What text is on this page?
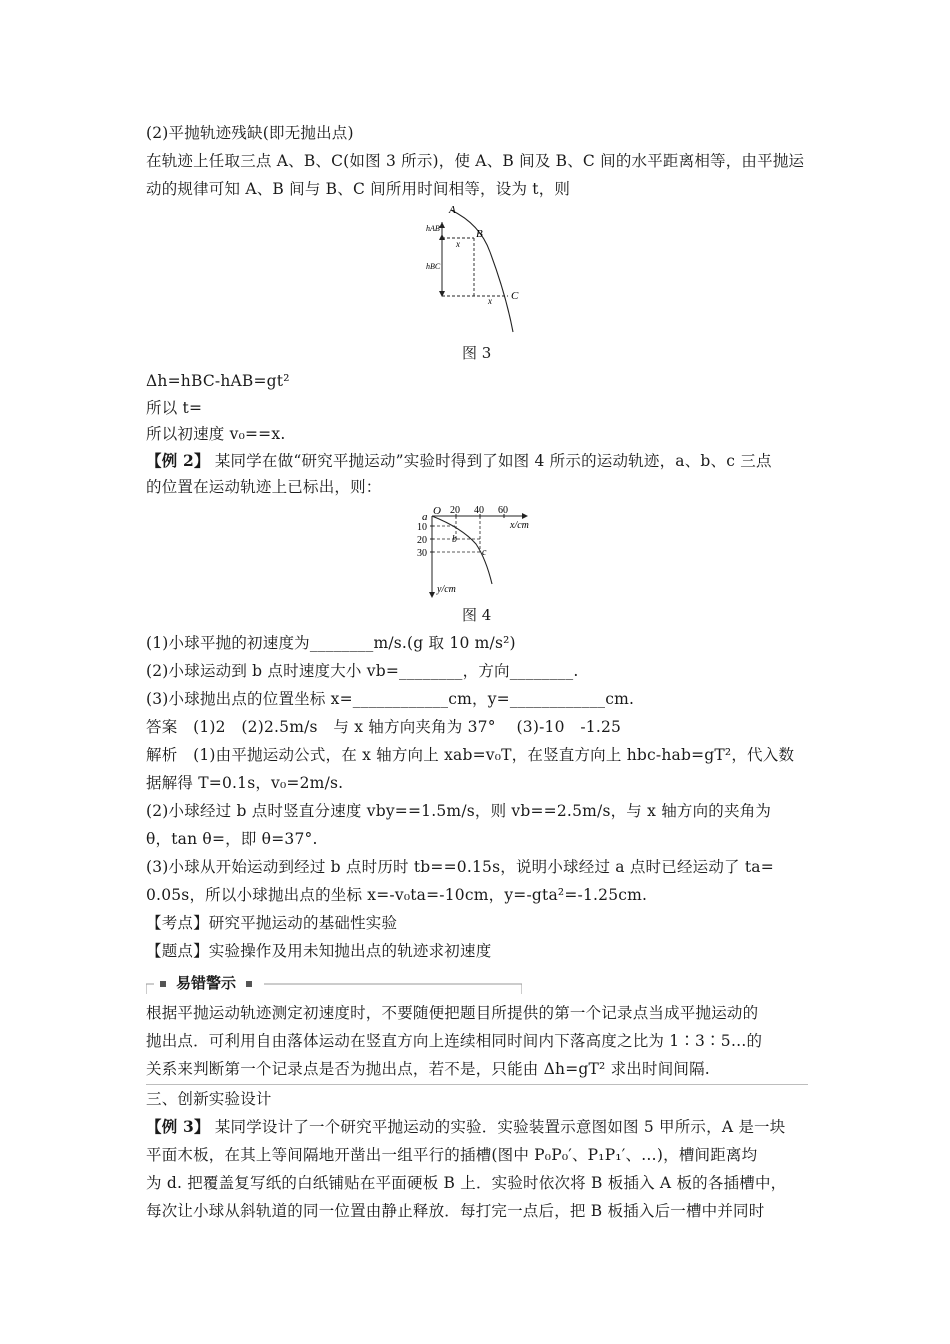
(2)平抛轨迹残缺(即无抛出点)
在轨迹上任取三点 A、B、C(如图 3 所示)，使 A、B 间及 B、C 间的水平距离相等，由平抛运
动的规律可知 A、B 间与 B、C 间所用时间相等，设为 t，则
A
B
C
hAB
hBC
x
x
图 3
Δh=hBC-hAB=gt²
所以 t=
所以初速度 v₀==x.
【例 2】 某同学在做“研究平抛运动”实验时得到了如图 4 所示的运动轨迹，a、b、c 三点
的位置在运动轨迹上已标出，则：
a O 20 40 60
x/cm
10
20
30
b
c
y/cm
图 4
(1)小球平抛的初速度为________m/s.(g 取 10 m/s²)
(2)小球运动到 b 点时速度大小 vb=________，方向________.
(3)小球抛出点的位置坐标 x=____________cm，y=____________cm.
答案　(1)2　(2)2.5m/s　与 x 轴方向夹角为 37°　 (3)-10　-1.25
解析　(1)由平抛运动公式，在 x 轴方向上 xab=v₀T，在竖直方向上 hbc-hab=gT²，代入数
据解得 T=0.1s，v₀=2m/s.
(2)小球经过 b 点时竖直分速度 vby==1.5m/s，则 vb==2.5m/s，与 x 轴方向的夹角为
θ，tan θ=，即 θ=37°.
(3)小球从开始运动到经过 b 点时历时 tb==0.15s，说明小球经过 a 点时已经运动了 ta=
0.05s，所以小球抛出点的坐标 x=-v₀ta=-10cm，y=-gta²=-1.25cm.
【考点】研究平抛运动的基础性实验
【题点】实验操作及用未知抛出点的轨迹求初速度
易错警示
根据平抛运动轨迹测定初速度时，不要随便把题目所提供的第一个记录点当成平抛运动的
抛出点．可利用自由落体运动在竖直方向上连续相同时间内下落高度之比为 1∶3∶5…的
关系来判断第一个记录点是否为抛出点，若不是，只能由 Δh=gT² 求出时间间隔.
三、创新实验设计
【例 3】 某同学设计了一个研究平抛运动的实验．实验装置示意图如图 5 甲所示，A 是一块
平面木板，在其上等间隔地开凿出一组平行的插槽(图中 P₀P₀′、P₁P₁′、…)，槽间距离均
为 d. 把覆盖复写纸的白纸铺贴在平面硬板 B 上．实验时依次将 B 板插入 A 板的各插槽中，
每次让小球从斜轨道的同一位置由静止释放．每打完一点后，把 B 板插入后一槽中并同时
